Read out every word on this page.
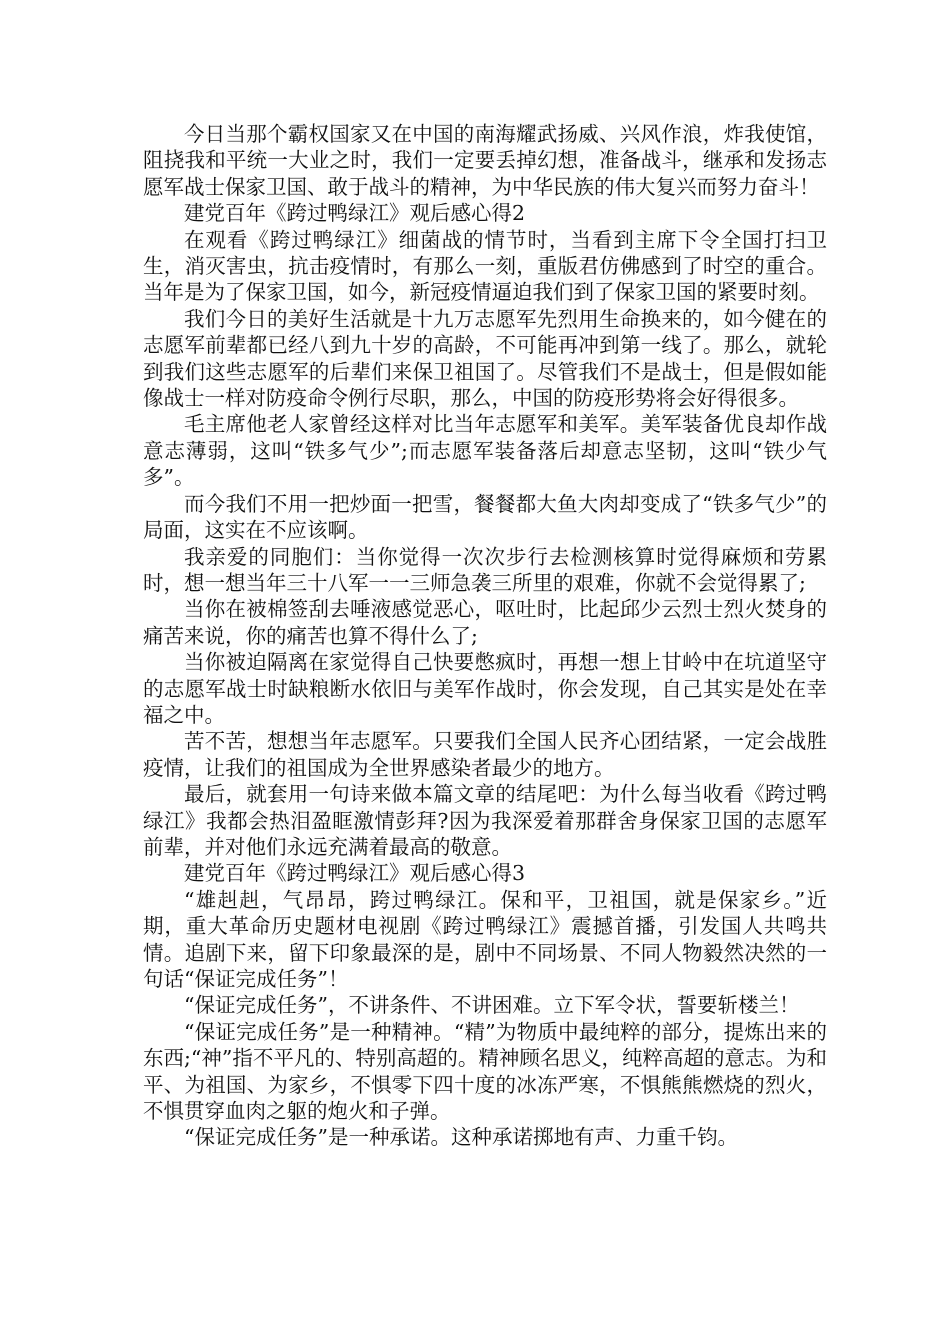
今日当那个霸权国家又在中国的南海耀武扬威、兴风作浪，炸我使馆，阻挠我和平统一大业之时，我们一定要丢掉幻想，准备战斗，继承和发扬志愿军战士保家卫国、敢于战斗的精神，为中华民族的伟大复兴而努力奋斗！

建党百年《跨过鸭绿江》观后感心得2

在观看《跨过鸭绿江》细菌战的情节时，当看到主席下令全国打扫卫生，消灭害虫，抗击疫情时，有那么一刻，重版君仿佛感到了时空的重合。当年是为了保家卫国，如今，新冠疫情逼迫我们到了保家卫国的紧要时刻。

我们今日的美好生活就是十九万志愿军先烈用生命换来的，如今健在的志愿军前辈都已经八到九十岁的高龄，不可能再冲到第一线了。那么，就轮到我们这些志愿军的后辈们来保卫祖国了。尽管我们不是战士，但是假如能像战士一样对防疫命令例行尽职，那么，中国的防疫形势将会好得很多。

毛主席他老人家曾经这样对比当年志愿军和美军。美军装备优良却作战意志薄弱，这叫“铁多气少”;而志愿军装备落后却意志坚韧，这叫“铁少气多”。

而今我们不用一把炒面一把雪，餐餐都大鱼大肉却变成了“铁多气少”的局面，这实在不应该啊。

我亲爱的同胞们：当你觉得一次次步行去检测核算时觉得麻烦和劳累时，想一想当年三十八军一一三师急袭三所里的艰难，你就不会觉得累了;

当你在被棉签刮去唾液感觉恶心，呕吐时，比起邱少云烈士烈火焚身的痛苦来说，你的痛苦也算不得什么了;

当你被迫隔离在家觉得自己快要憋疯时，再想一想上甘岭中在坑道坚守的志愿军战士时缺粮断水依旧与美军作战时，你会发现，自己其实是处在幸福之中。

苦不苦，想想当年志愿军。只要我们全国人民齐心团结紧，一定会战胜疫情，让我们的祖国成为全世界感染者最少的地方。

最后，就套用一句诗来做本篇文章的结尾吧：为什么每当收看《跨过鸭绿江》我都会热泪盈眶激情彭拜?因为我深爱着那群舍身保家卫国的志愿军前辈，并对他们永远充满着最高的敬意。

建党百年《跨过鸭绿江》观后感心得3

“雄赳赳，气昂昂，跨过鸭绿江。保和平，卫祖国，就是保家乡。”近期，重大革命历史题材电视剧《跨过鸭绿江》震撼首播，引发国人共鸣共情。追剧下来，留下印象最深的是，剧中不同场景、不同人物毅然决然的一句话“保证完成任务”！

“保证完成任务”，不讲条件、不讲困难。立下军令状，誓要斩楼兰！

“保证完成任务”是一种精神。“精”为物质中最纯粹的部分，提炼出来的东西;“神”指不平凡的、特别高超的。精神顾名思义，纯粹高超的意志。为和平、为祖国、为家乡，不惧零下四十度的冰冻严寒，不惧熊熊燃烧的烈火，不惧贯穿血肉之躯的炮火和子弹。

“保证完成任务”是一种承诺。这种承诺掷地有声、力重千钧。
